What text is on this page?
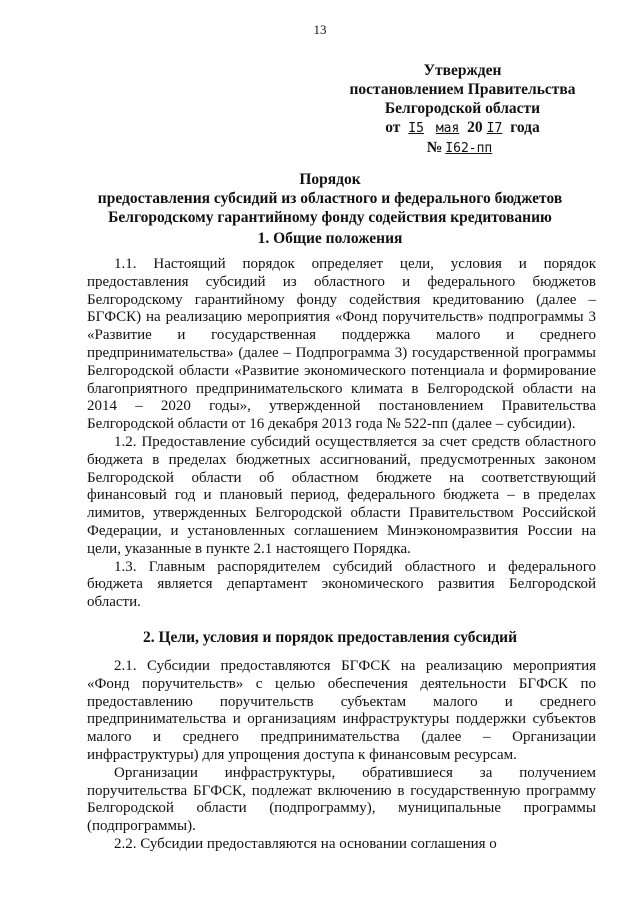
13
Утвержден
постановлением Правительства
Белгородской области
от I5 мая 20 I7 года
№ I62-пп
Порядок
предоставления субсидий из областного и федерального бюджетов
Белгородскому гарантийному фонду содействия кредитованию
1. Общие положения

1.1. Настоящий порядок определяет цели, условия и порядок предоставления субсидий из областного и федерального бюджетов Белгородскому гарантийному фонду содействия кредитованию (далее – БГФСК) на реализацию мероприятия «Фонд поручительств» подпрограммы 3 «Развитие и государственная поддержка малого и среднего предпринимательства» (далее – Подпрограмма 3) государственной программы Белгородской области «Развитие экономического потенциала и формирование благоприятного предпринимательского климата в Белгородской области на 2014 – 2020 годы», утвержденной постановлением Правительства Белгородской области от 16 декабря 2013 года № 522-пп (далее – субсидии).

1.2. Предоставление субсидий осуществляется за счет средств областного бюджета в пределах бюджетных ассигнований, предусмотренных законом Белгородской области об областном бюджете на соответствующий финансовый год и плановый период, федерального бюджета – в пределах лимитов, утвержденных Белгородской области Правительством Российской Федерации, и установленных соглашением Минэкономразвития России на цели, указанные в пункте 2.1 настоящего Порядка.

1.3. Главным распорядителем субсидий областного и федерального бюджета является департамент экономического развития Белгородской области.

2. Цели, условия и порядок предоставления субсидий

2.1. Субсидии предоставляются БГФСК на реализацию мероприятия «Фонд поручительств» с целью обеспечения деятельности БГФСК по предоставлению поручительств субъектам малого и среднего предпринимательства и организациям инфраструктуры поддержки субъектов малого и среднего предпринимательства (далее – Организации инфраструктуры) для упрощения доступа к финансовым ресурсам.

Организации инфраструктуры, обратившиеся за получением поручительства БГФСК, подлежат включению в государственную программу Белгородской области (подпрограмму), муниципальные программы (подпрограммы).

2.2. Субсидии предоставляются на основании соглашения о
